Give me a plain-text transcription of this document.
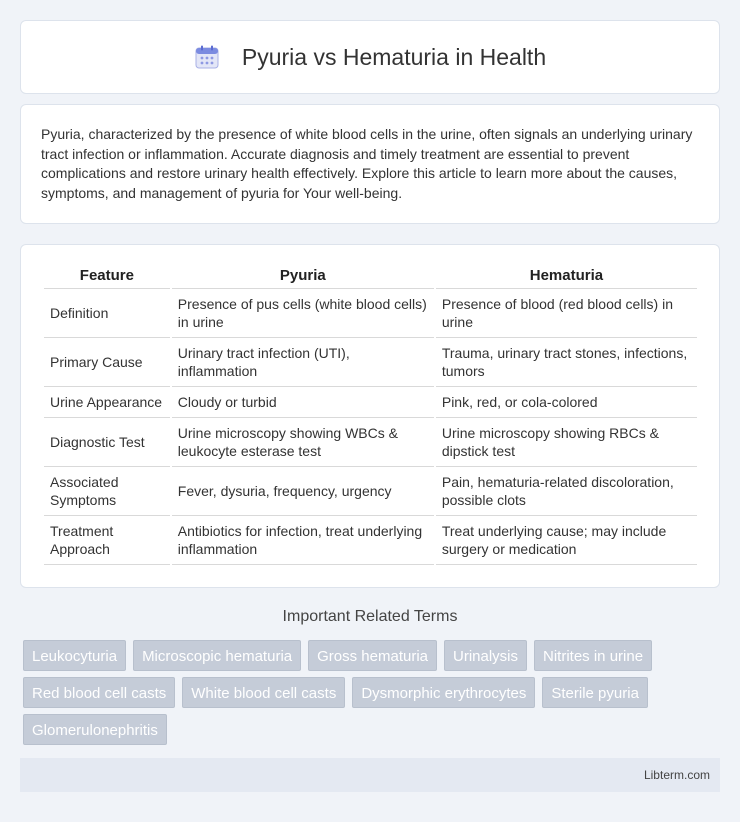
Pyuria vs Hematuria in Health

Pyuria, characterized by the presence of white blood cells in the urine, often signals an underlying urinary tract infection or inflammation. Accurate diagnosis and timely treatment are essential to prevent complications and restore urinary health effectively. Explore this article to learn more about the causes, symptoms, and management of pyuria for Your well-being.

Feature	Pyuria	Hematuria
Definition	Presence of pus cells (white blood cells) in urine	Presence of blood (red blood cells) in urine
Primary Cause	Urinary tract infection (UTI), inflammation	Trauma, urinary tract stones, infections, tumors
Urine Appearance	Cloudy or turbid	Pink, red, or cola-colored
Diagnostic Test	Urine microscopy showing WBCs & leukocyte esterase test	Urine microscopy showing RBCs & dipstick test
Associated Symptoms	Fever, dysuria, frequency, urgency	Pain, hematuria-related discoloration, possible clots
Treatment Approach	Antibiotics for infection, treat underlying inflammation	Treat underlying cause; may include surgery or medication
Important Related Terms
Leukocyturia	Microscopic hematuria	Gross hematuria	Urinalysis	Nitrites in urine
Red blood cell casts	White blood cell casts	Dysmorphic erythrocytes	Sterile pyuria
Glomerulonephritis
Libterm.com
